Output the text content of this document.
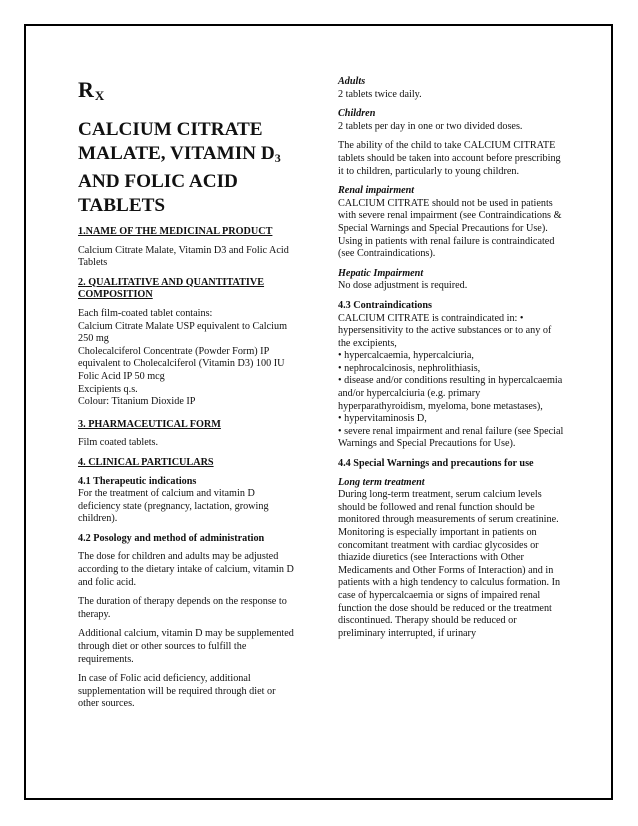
$R_X$
CALCIUM CITRATE
MALATE, VITAMIN $D_3$
AND FOLIC ACID
TABLETS
1.NAME OF THE MEDICINAL PRODUCT

Calcium Citrate Malate, Vitamin D3 and Folic Acid Tablets

2. QUALITATIVE AND QUANTITATIVE COMPOSITION
Each film-coated tablet contains:
Calcium Citrate Malate USP equivalent to Calcium 250 mg
Cholecalciferol Concentrate (Powder Form) IP equivalent to Cholecalciferol (Vitamin D3) 100 IU
Folic Acid IP 50 mcg
Excipients q.s.
Colour: Titanium Dioxide IP
3. PHARMACEUTICAL FORM

Film coated tablets.

4. CLINICAL PARTICULARS
4.1 Therapeutic indications

For the treatment of calcium and vitamin D deficiency state (pregnancy, lactation, growing children).

4.2 Posology and method of administration

The dose for children and adults may be adjusted according to the dietary intake of calcium, vitamin D and folic acid.

The duration of therapy depends on the response to therapy.

Additional calcium, vitamin D may be supplemented through diet or other sources to fulfill the requirements.

In case of Folic acid deficiency, additional supplementation will be required through diet or other sources.

Adults

2 tablets twice daily.

Children

2 tablets per day in one or two divided doses.

The ability of the child to take CALCIUM CITRATE tablets should be taken into account before prescribing it to children, particularly to young children.

Renal impairment

CALCIUM CITRATE should not be used in patients with severe renal impairment (see Contraindications & Special Warnings and Special Precautions for Use). Using in patients with renal failure is contraindicated (see Contraindications).

Hepatic Impairment

No dose adjustment is required.

4.3 Contraindications
CALCIUM CITRATE is contraindicated in: • hypersensitivity to the active substances or to any of the excipients,
• hypercalcaemia, hypercalciuria,
• nephrocalcinosis, nephrolithiasis,
• disease and/or conditions resulting in hypercalcaemia and/or hypercalciuria (e.g. primary hyperparathyroidism, myeloma, bone metastases),
• hypervitaminosis D,
• severe renal impairment and renal failure (see Special Warnings and Special Precautions for Use).
4.4 Special Warnings and precautions for use
Long term treatment

During long-term treatment, serum calcium levels should be followed and renal function should be monitored through measurements of serum creatinine. Monitoring is especially important in patients on concomitant treatment with cardiac glycosides or thiazide diuretics (see Interactions with Other Medicaments and Other Forms of Interaction) and in patients with a high tendency to calculus formation. In case of hypercalcaemia or signs of impaired renal function the dose should be reduced or the treatment discontinued. Therapy should be reduced or preliminary interrupted, if urinary
